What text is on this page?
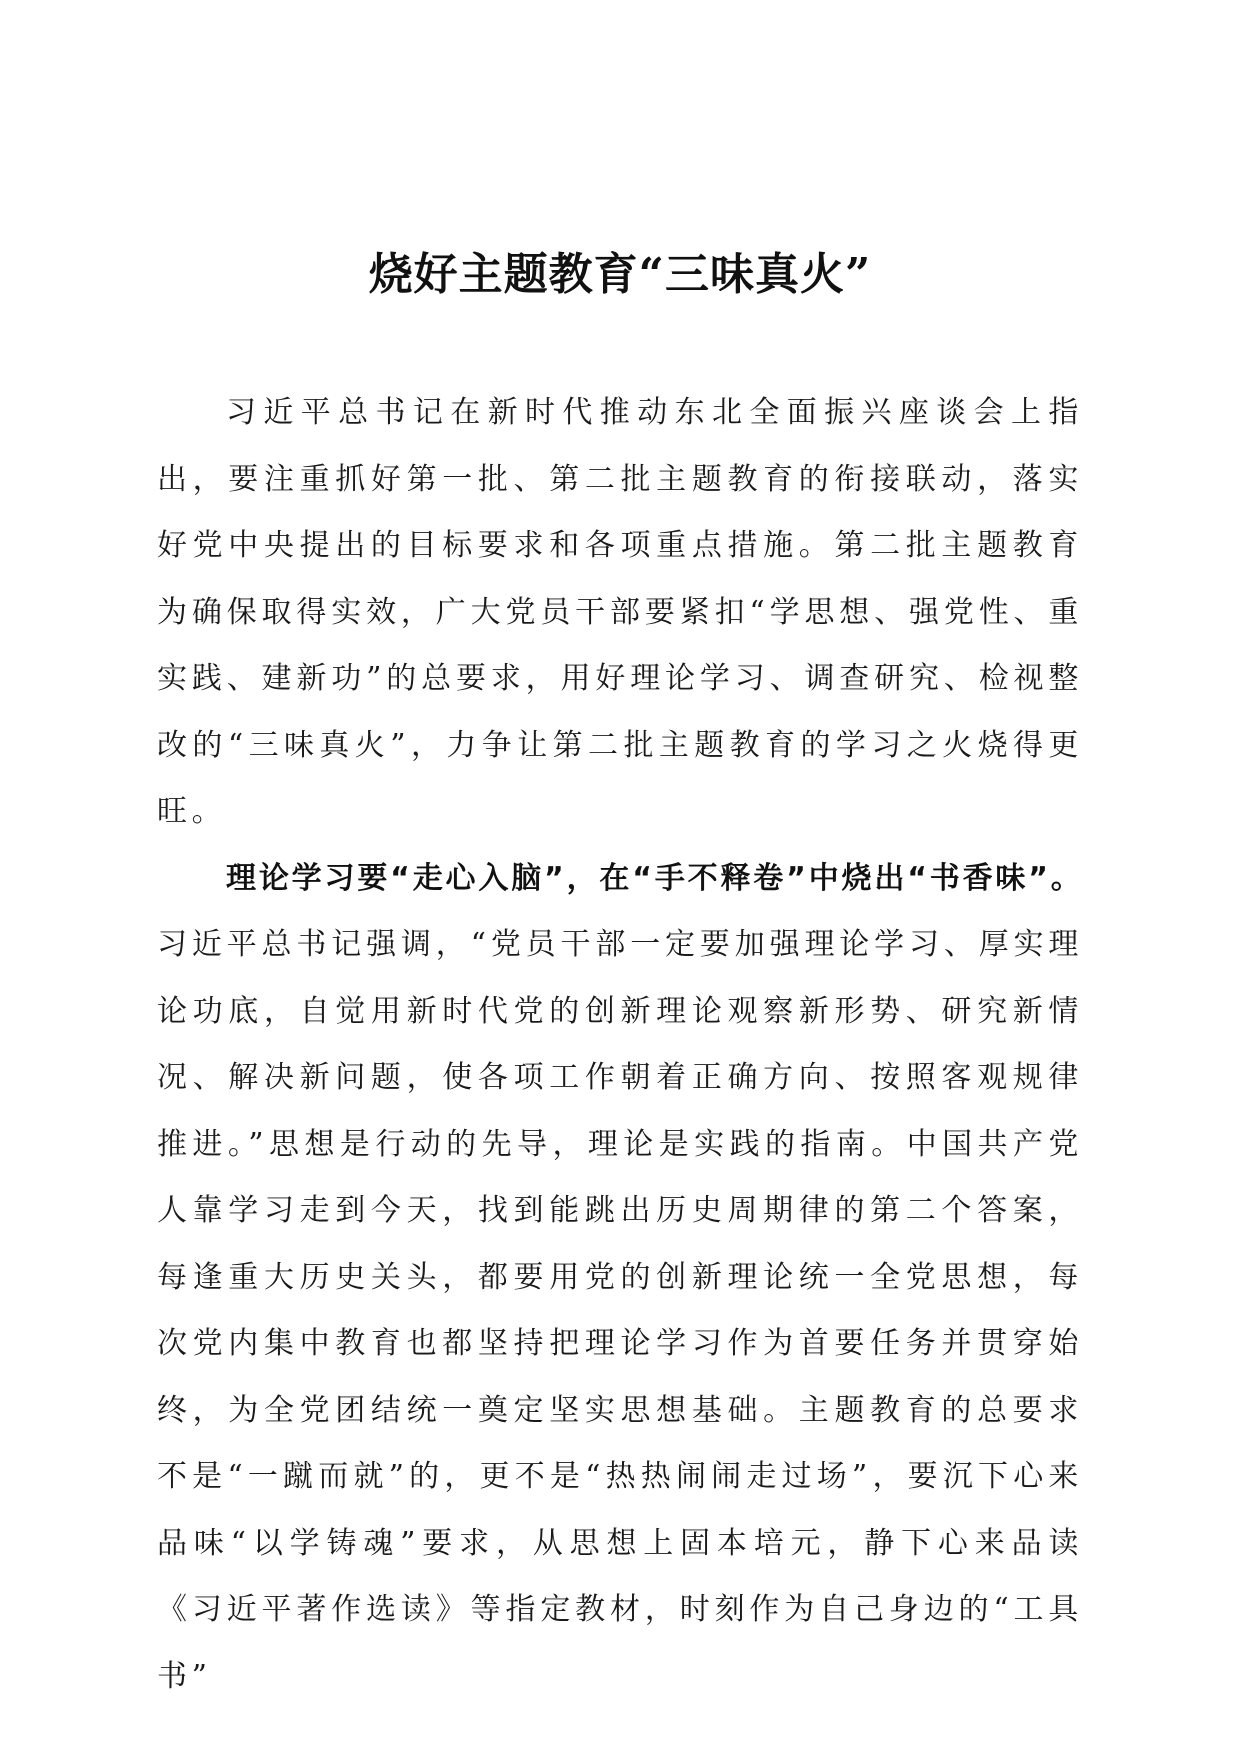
烧好主题教育“三味真火”

习近平总书记在新时代推动东北全面振兴座谈会上指出，要注重抓好第一批、第二批主题教育的衔接联动，落实好党中央提出的目标要求和各项重点措施。第二批主题教育为确保取得实效，广大党员干部要紧扣“学思想、强党性、重实践、建新功”的总要求，用好理论学习、调查研究、检视整改的“三味真火”，力争让第二批主题教育的学习之火烧得更旺。

理论学习要“走心入脑”，在“手不释卷”中烧出“书香味”。习近平总书记强调，“党员干部一定要加强理论学习、厚实理论功底，自觉用新时代党的创新理论观察新形势、研究新情况、解决新问题，使各项工作朝着正确方向、按照客观规律推进。”思想是行动的先导，理论是实践的指南。中国共产党人靠学习走到今天，找到能跳出历史周期律的第二个答案，每逢重大历史关头，都要用党的创新理论统一全党思想，每次党内集中教育也都坚持把理论学习作为首要任务并贯穿始终，为全党团结统一奠定坚实思想基础。主题教育的总要求不是“一蹴而就”的，更不是“热热闹闹走过场”，要沉下心来品味“以学铸魂”要求，从思想上固本培元，静下心来品读《习近平著作选读》等指定教材，时刻作为自己身边的“工具书”
